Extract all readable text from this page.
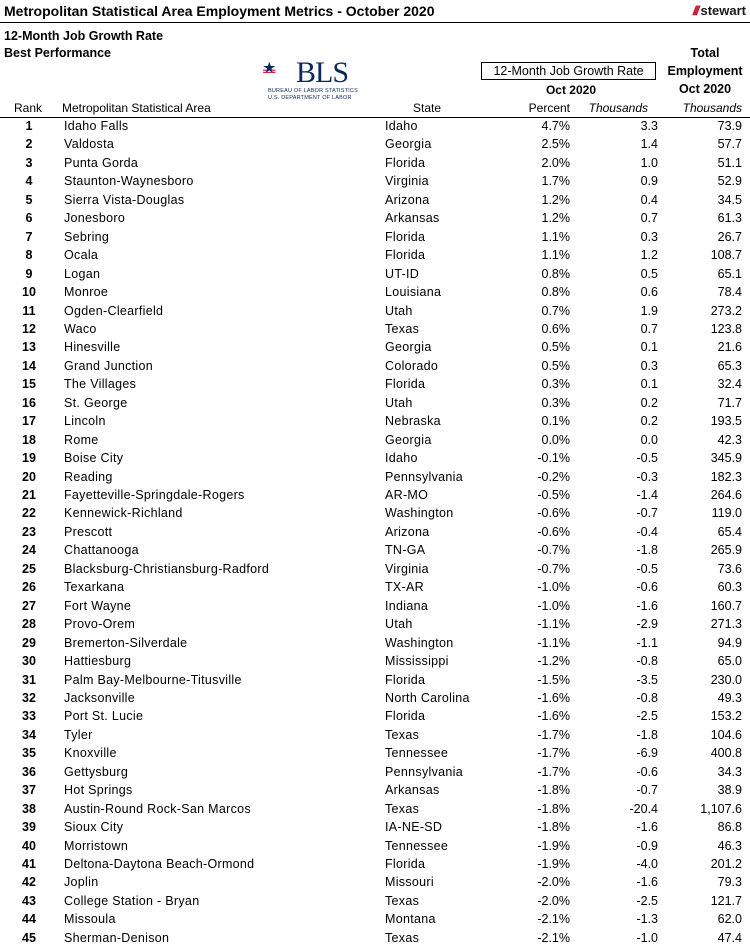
Metropolitan Statistical Area Employment Metrics - October 2020	/// stewart
12-Month Job Growth Rate
Best Performance
BLS
BUREAU OF LABOR STATISTICS
U.S. DEPARTMENT OF LABOR
12-Month Job Growth Rate
Oct 2020
Total
Employment
Oct 2020
Rank Metropolitan Statistical Area	State	Percent	Thousands	Thousands
1	Idaho Falls	Idaho	4.7%	3.3	73.9
2	Valdosta	Georgia	2.5%	1.4	57.7
3	Punta Gorda	Florida	2.0%	1.0	51.1
4	Staunton-Waynesboro	Virginia	1.7%	0.9	52.9
5	Sierra Vista-Douglas	Arizona	1.2%	0.4	34.5
6	Jonesboro	Arkansas	1.2%	0.7	61.3
7	Sebring	Florida	1.1%	0.3	26.7
8	Ocala	Florida	1.1%	1.2	108.7
9	Logan	UT-ID	0.8%	0.5	65.1
10	Monroe	Louisiana	0.8%	0.6	78.4
11	Ogden-Clearfield	Utah	0.7%	1.9	273.2
12	Waco	Texas	0.6%	0.7	123.8
13	Hinesville	Georgia	0.5%	0.1	21.6
14	Grand Junction	Colorado	0.5%	0.3	65.3
15	The Villages	Florida	0.3%	0.1	32.4
16	St. George	Utah	0.3%	0.2	71.7
17	Lincoln	Nebraska	0.1%	0.2	193.5
18	Rome	Georgia	0.0%	0.0	42.3
19	Boise City	Idaho	-0.1%	-0.5	345.9
20	Reading	Pennsylvania	-0.2%	-0.3	182.3
21	Fayetteville-Springdale-Rogers	AR-MO	-0.5%	-1.4	264.6
22	Kennewick-Richland	Washington	-0.6%	-0.7	119.0
23	Prescott	Arizona	-0.6%	-0.4	65.4
24	Chattanooga	TN-GA	-0.7%	-1.8	265.9
25	Blacksburg-Christiansburg-Radford	Virginia	-0.7%	-0.5	73.6
26	Texarkana	TX-AR	-1.0%	-0.6	60.3
27	Fort Wayne	Indiana	-1.0%	-1.6	160.7
28	Provo-Orem	Utah	-1.1%	-2.9	271.3
29	Bremerton-Silverdale	Washington	-1.1%	-1.1	94.9
30	Hattiesburg	Mississippi	-1.2%	-0.8	65.0
31	Palm Bay-Melbourne-Titusville	Florida	-1.5%	-3.5	230.0
32	Jacksonville	North Carolina	-1.6%	-0.8	49.3
33	Port St. Lucie	Florida	-1.6%	-2.5	153.2
34	Tyler	Texas	-1.7%	-1.8	104.6
35	Knoxville	Tennessee	-1.7%	-6.9	400.8
36	Gettysburg	Pennsylvania	-1.7%	-0.6	34.3
37	Hot Springs	Arkansas	-1.8%	-0.7	38.9
38	Austin-Round Rock-San Marcos	Texas	-1.8%	-20.4	1,107.6
39	Sioux City	IA-NE-SD	-1.8%	-1.6	86.8
40	Morristown	Tennessee	-1.9%	-0.9	46.3
41	Deltona-Daytona Beach-Ormond	Florida	-1.9%	-4.0	201.2
42	Joplin	Missouri	-2.0%	-1.6	79.3
43	College Station - Bryan	Texas	-2.0%	-2.5	121.7
44	Missoula	Montana	-2.1%	-1.3	62.0
45	Sherman-Denison	Texas	-2.1%	-1.0	47.4
